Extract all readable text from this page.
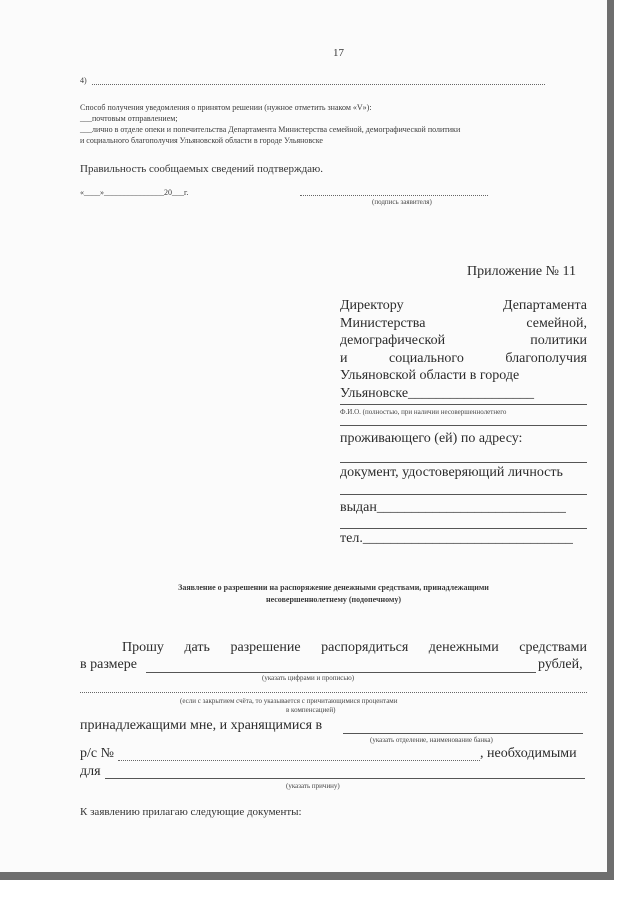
17
4)
Способ получения уведомления о принятом решении (нужное отметить знаком «V»):
___почтовым отправлением;
___лично в отделе опеки и попечительства Департамента Министерства семейной, демографической политики
и социального благополучия Ульяновской области в городе Ульяновске
Правильность сообщаемых сведений подтверждаю.
«____»_______________20___г.
(подпись заявителя)
Приложение № 11
Директору	Департамента
Министерства	семейной,
демографической	политики
и	социального	благополучия
Ульяновской области в городе
Ульяновске__________________
Ф.И.О. (полностью, при наличии несовершеннолетнего
проживающего (ей) по адресу:
документ, удостоверяющий личность
выдан___________________________
тел.______________________________
Заявление о разрешении на распоряжение денежными средствами, принадлежащими
несовершеннолетнему (подопечному)
Прошу дать разрешение распорядиться денежными средствами
в размере	рублей,
(указать цифрами и прописью)
(если с закрытием счёта, то указывается с причитающимися процентами
в компенсацией)
принадлежащими мне, и хранящимися в
(указать отделение, наименование банка)
р/с №	, необходимыми
для
(указать причину)
К заявлению прилагаю следующие документы:
